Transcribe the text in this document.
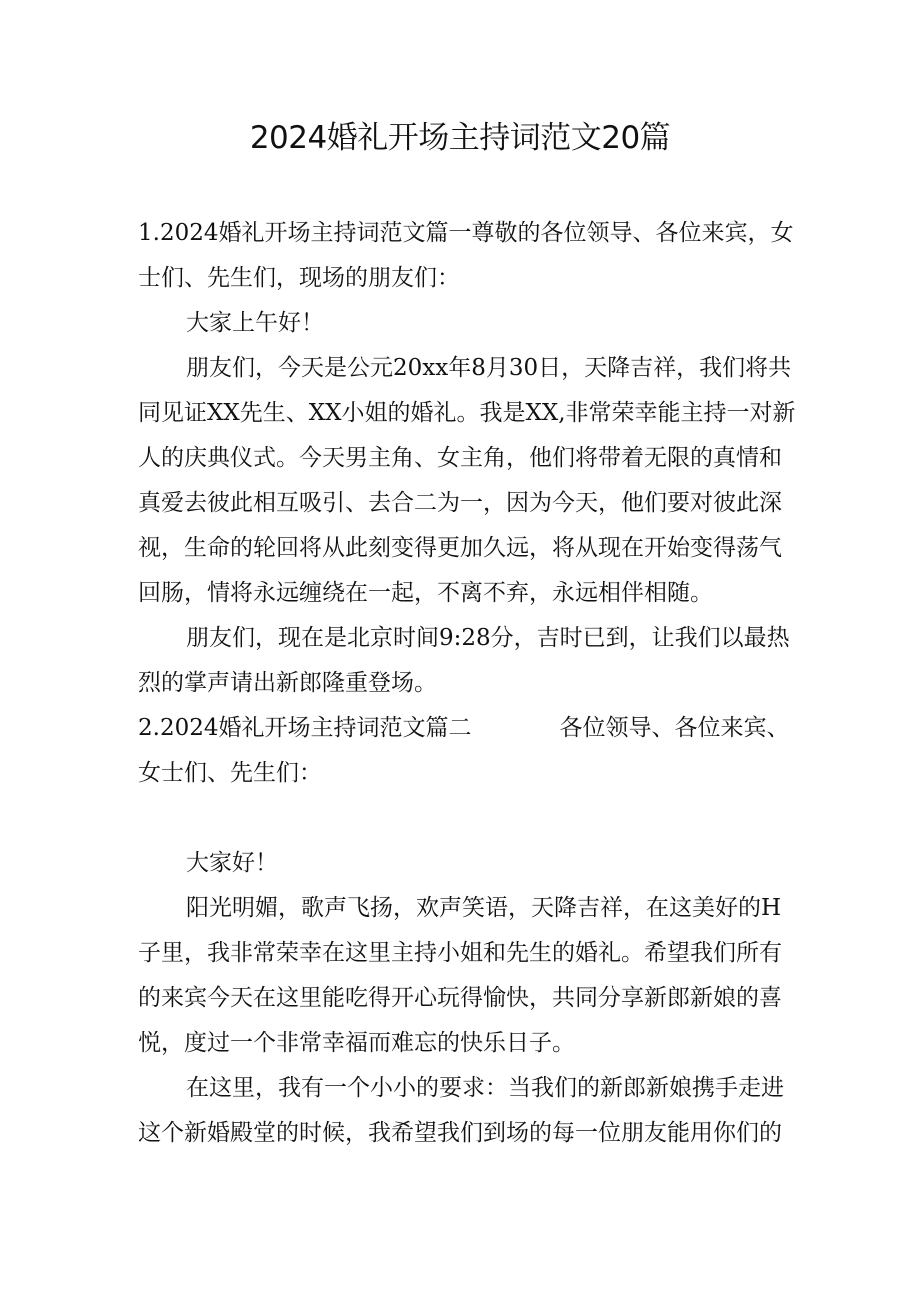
2024婚礼开场主持词范文20篇
1.2024婚礼开场主持词范文篇一尊敬的各位领导、各位来宾，女
士们、先生们，现场的朋友们：
大家上午好！
朋友们，今天是公元20xx年8月30日，天降吉祥，我们将共
同见证XX先生、XX小姐的婚礼。我是XX,非常荣幸能主持一对新
人的庆典仪式。今天男主角、女主角，他们将带着无限的真情和
真爱去彼此相互吸引、去合二为一，因为今天，他们要对彼此深
视，生命的轮回将从此刻变得更加久远，将从现在开始变得荡气
回肠，情将永远缠绕在一起，不离不弃，永远相伴相随。
朋友们，现在是北京时间9:28分，吉时已到，让我们以最热
烈的掌声请出新郎隆重登场。
2.2024婚礼开场主持词范文篇二	各位领导、各位来宾、
女士们、先生们：
大家好！
阳光明媚，歌声飞扬，欢声笑语，天降吉祥，在这美好的H
子里，我非常荣幸在这里主持小姐和先生的婚礼。希望我们所有
的来宾今天在这里能吃得开心玩得愉快，共同分享新郎新娘的喜
悦，度过一个非常幸福而难忘的快乐日子。
在这里，我有一个小小的要求：当我们的新郎新娘携手走进
这个新婚殿堂的时候，我希望我们到场的每一位朋友能用你们的
